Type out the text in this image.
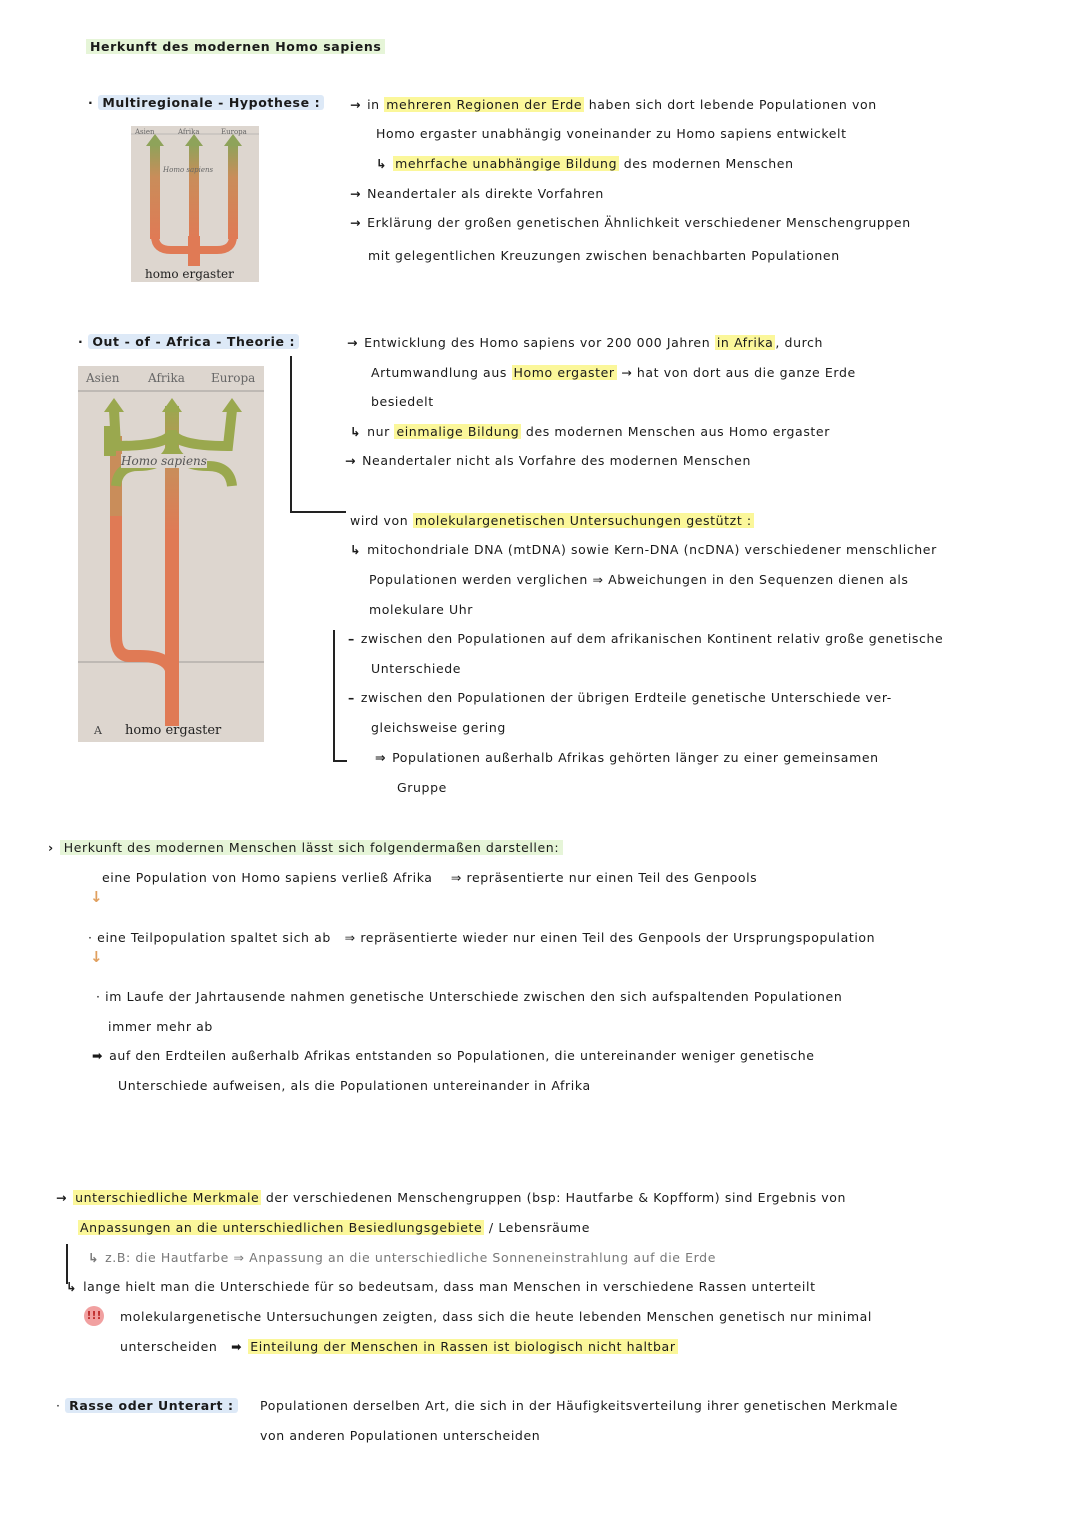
Herkunft des modernen Homo sapiens
· Multiregionale - Hypothese :
Asien	Afrika	Europa
Homo sapiens
homo ergaster
→ in mehreren Regionen der Erde haben sich dort lebende Populationen von
Homo ergaster unabhängig voneinander zu Homo sapiens entwickelt
↳ mehrfache unabhängige Bildung des modernen Menschen
→ Neandertaler als direkte Vorfahren
→ Erklärung der großen genetischen Ähnlichkeit verschiedener Menschengruppen
mit gelegentlichen Kreuzungen zwischen benachbarten Populationen
· Out - of - Africa - Theorie :
Asien Afrika Europa
Homo sapiens
A homo ergaster
→ Entwicklung des Homo sapiens vor 200 000 Jahren in Afrika , durch
Artumwandlung aus Homo ergaster → hat von dort aus die ganze Erde
besiedelt
↳ nur einmalige Bildung des modernen Menschen aus Homo ergaster
→ Neandertaler nicht als Vorfahre des modernen Menschen
wird von molekulargenetischen Untersuchungen gestützt :
↳ mitochondriale DNA (mtDNA) sowie Kern-DNA (ncDNA) verschiedener menschlicher
Populationen werden verglichen ⇒ Abweichungen in den Sequenzen dienen als
molekulare Uhr
– zwischen den Populationen auf dem afrikanischen Kontinent relativ große genetische
Unterschiede
– zwischen den Populationen der übrigen Erdteile genetische Unterschiede ver-
gleichsweise gering
⇒ Populationen außerhalb Afrikas gehörten länger zu einer gemeinsamen
Gruppe
› Herkunft des modernen Menschen lässt sich folgendermaßen darstellen:
eine Population von Homo sapiens verließ Afrika ⇒ repräsentierte nur einen Teil des Genpools
↓
· eine Teilpopulation spaltet sich ab ⇒ repräsentierte wieder nur einen Teil des Genpools der Ursprungspopulation
↓
· im Laufe der Jahrtausende nahmen genetische Unterschiede zwischen den sich aufspaltenden Populationen
immer mehr ab
➡ auf den Erdteilen außerhalb Afrikas entstanden so Populationen, die untereinander weniger genetische
Unterschiede aufweisen, als die Populationen untereinander in Afrika
→ unterschiedliche Merkmale der verschiedenen Menschengruppen (bsp: Hautfarbe & Kopfform) sind Ergebnis von
Anpassungen an die unterschiedlichen Besiedlungsgebiete / Lebensräume
↳ z.B: die Hautfarbe ⇒ Anpassung an die unterschiedliche Sonneneinstrahlung auf die Erde
↳ lange hielt man die Unterschiede für so bedeutsam, dass man Menschen in verschiedene Rassen unterteilt
!!! molekulargenetische Untersuchungen zeigten, dass sich die heute lebenden Menschen genetisch nur minimal
unterscheiden ➡ Einteilung der Menschen in Rassen ist biologisch nicht haltbar
· Rasse oder Unterart :	Populationen derselben Art, die sich in der Häufigkeitsverteilung ihrer genetischen Merkmale
von anderen Populationen unterscheiden
